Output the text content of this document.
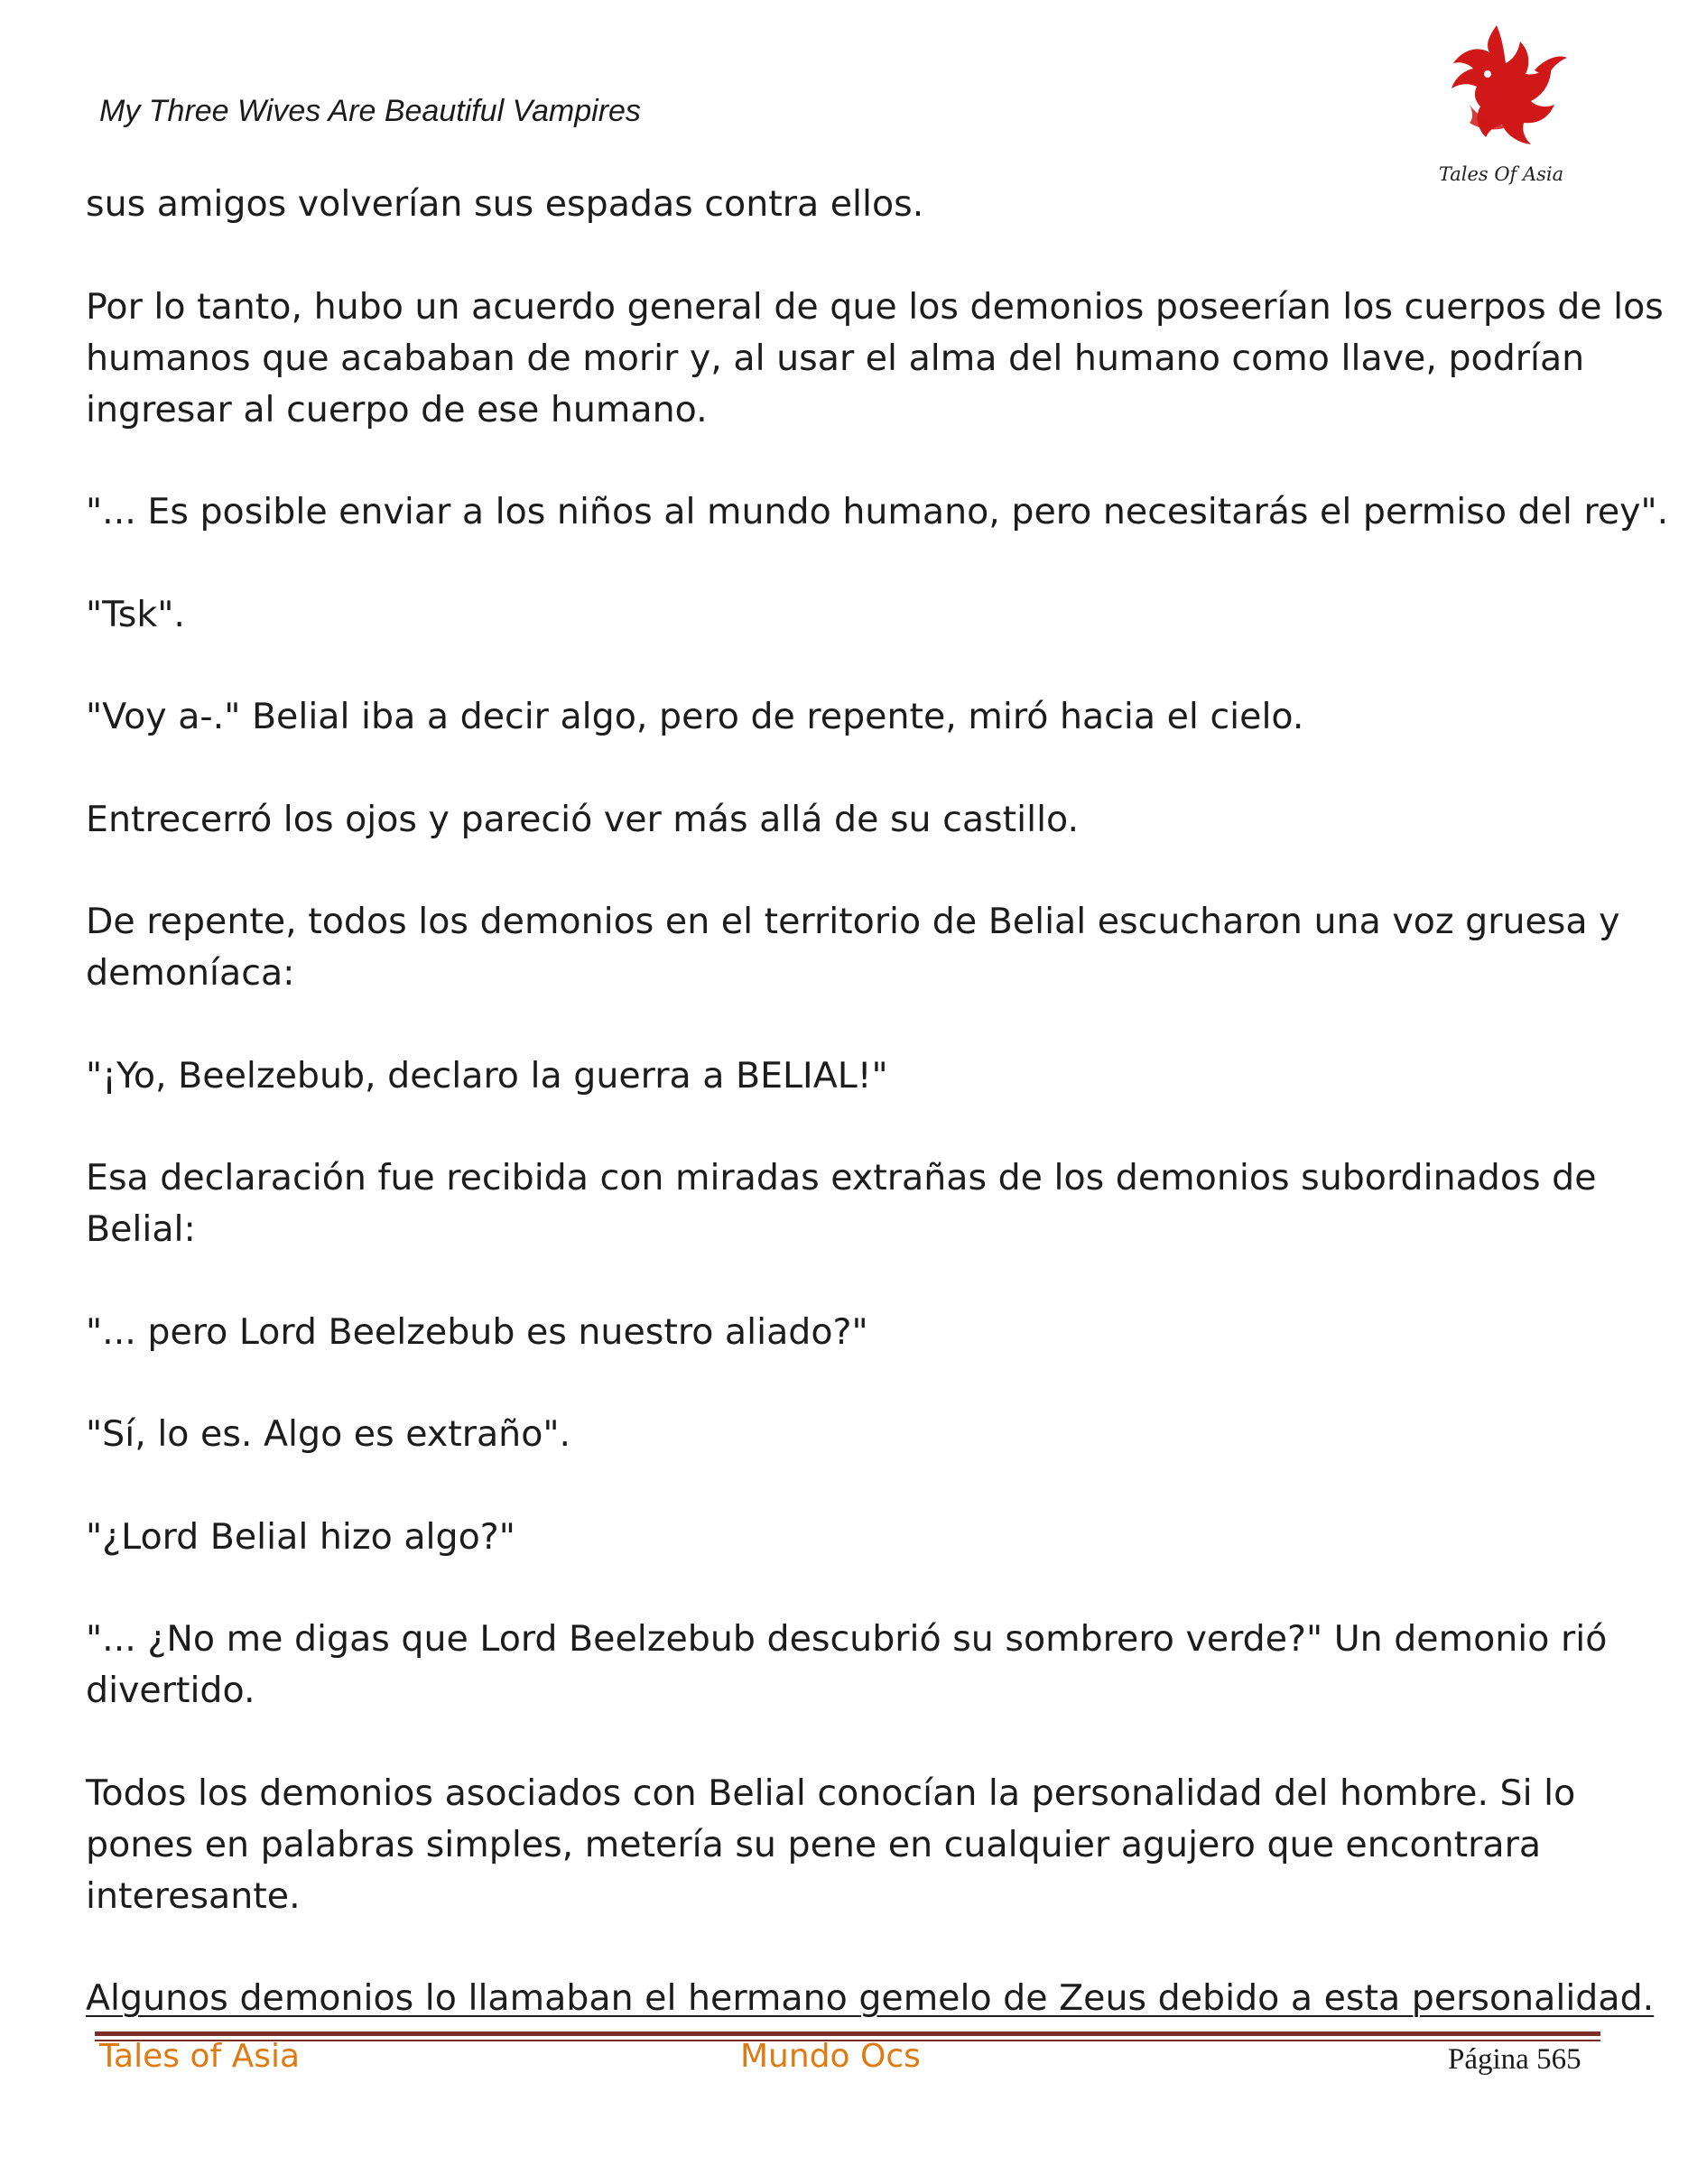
My Three Wives Are Beautiful Vampires
Tales Of Asia

sus amigos volverían sus espadas contra ellos.

Por lo tanto, hubo un acuerdo general de que los demonios poseerían los cuerpos de los
humanos que acababan de morir y, al usar el alma del humano como llave, podrían
ingresar al cuerpo de ese humano.

"... Es posible enviar a los niños al mundo humano, pero necesitarás el permiso del rey".

"Tsk".

"Voy a-." Belial iba a decir algo, pero de repente, miró hacia el cielo.

Entrecerró los ojos y pareció ver más allá de su castillo.

De repente, todos los demonios en el territorio de Belial escucharon una voz gruesa y
demoníaca:

"¡Yo, Beelzebub, declaro la guerra a BELIAL!"

Esa declaración fue recibida con miradas extrañas de los demonios subordinados de
Belial:

"... pero Lord Beelzebub es nuestro aliado?"

"Sí, lo es. Algo es extraño".

"¿Lord Belial hizo algo?"

"... ¿No me digas que Lord Beelzebub descubrió su sombrero verde?" Un demonio rió
divertido.

Todos los demonios asociados con Belial conocían la personalidad del hombre. Si lo
pones en palabras simples, metería su pene en cualquier agujero que encontrara
interesante.

Algunos demonios lo llamaban el hermano gemelo de Zeus debido a esta personalidad.

Tales of Asia	Mundo Ocs	Página 565
